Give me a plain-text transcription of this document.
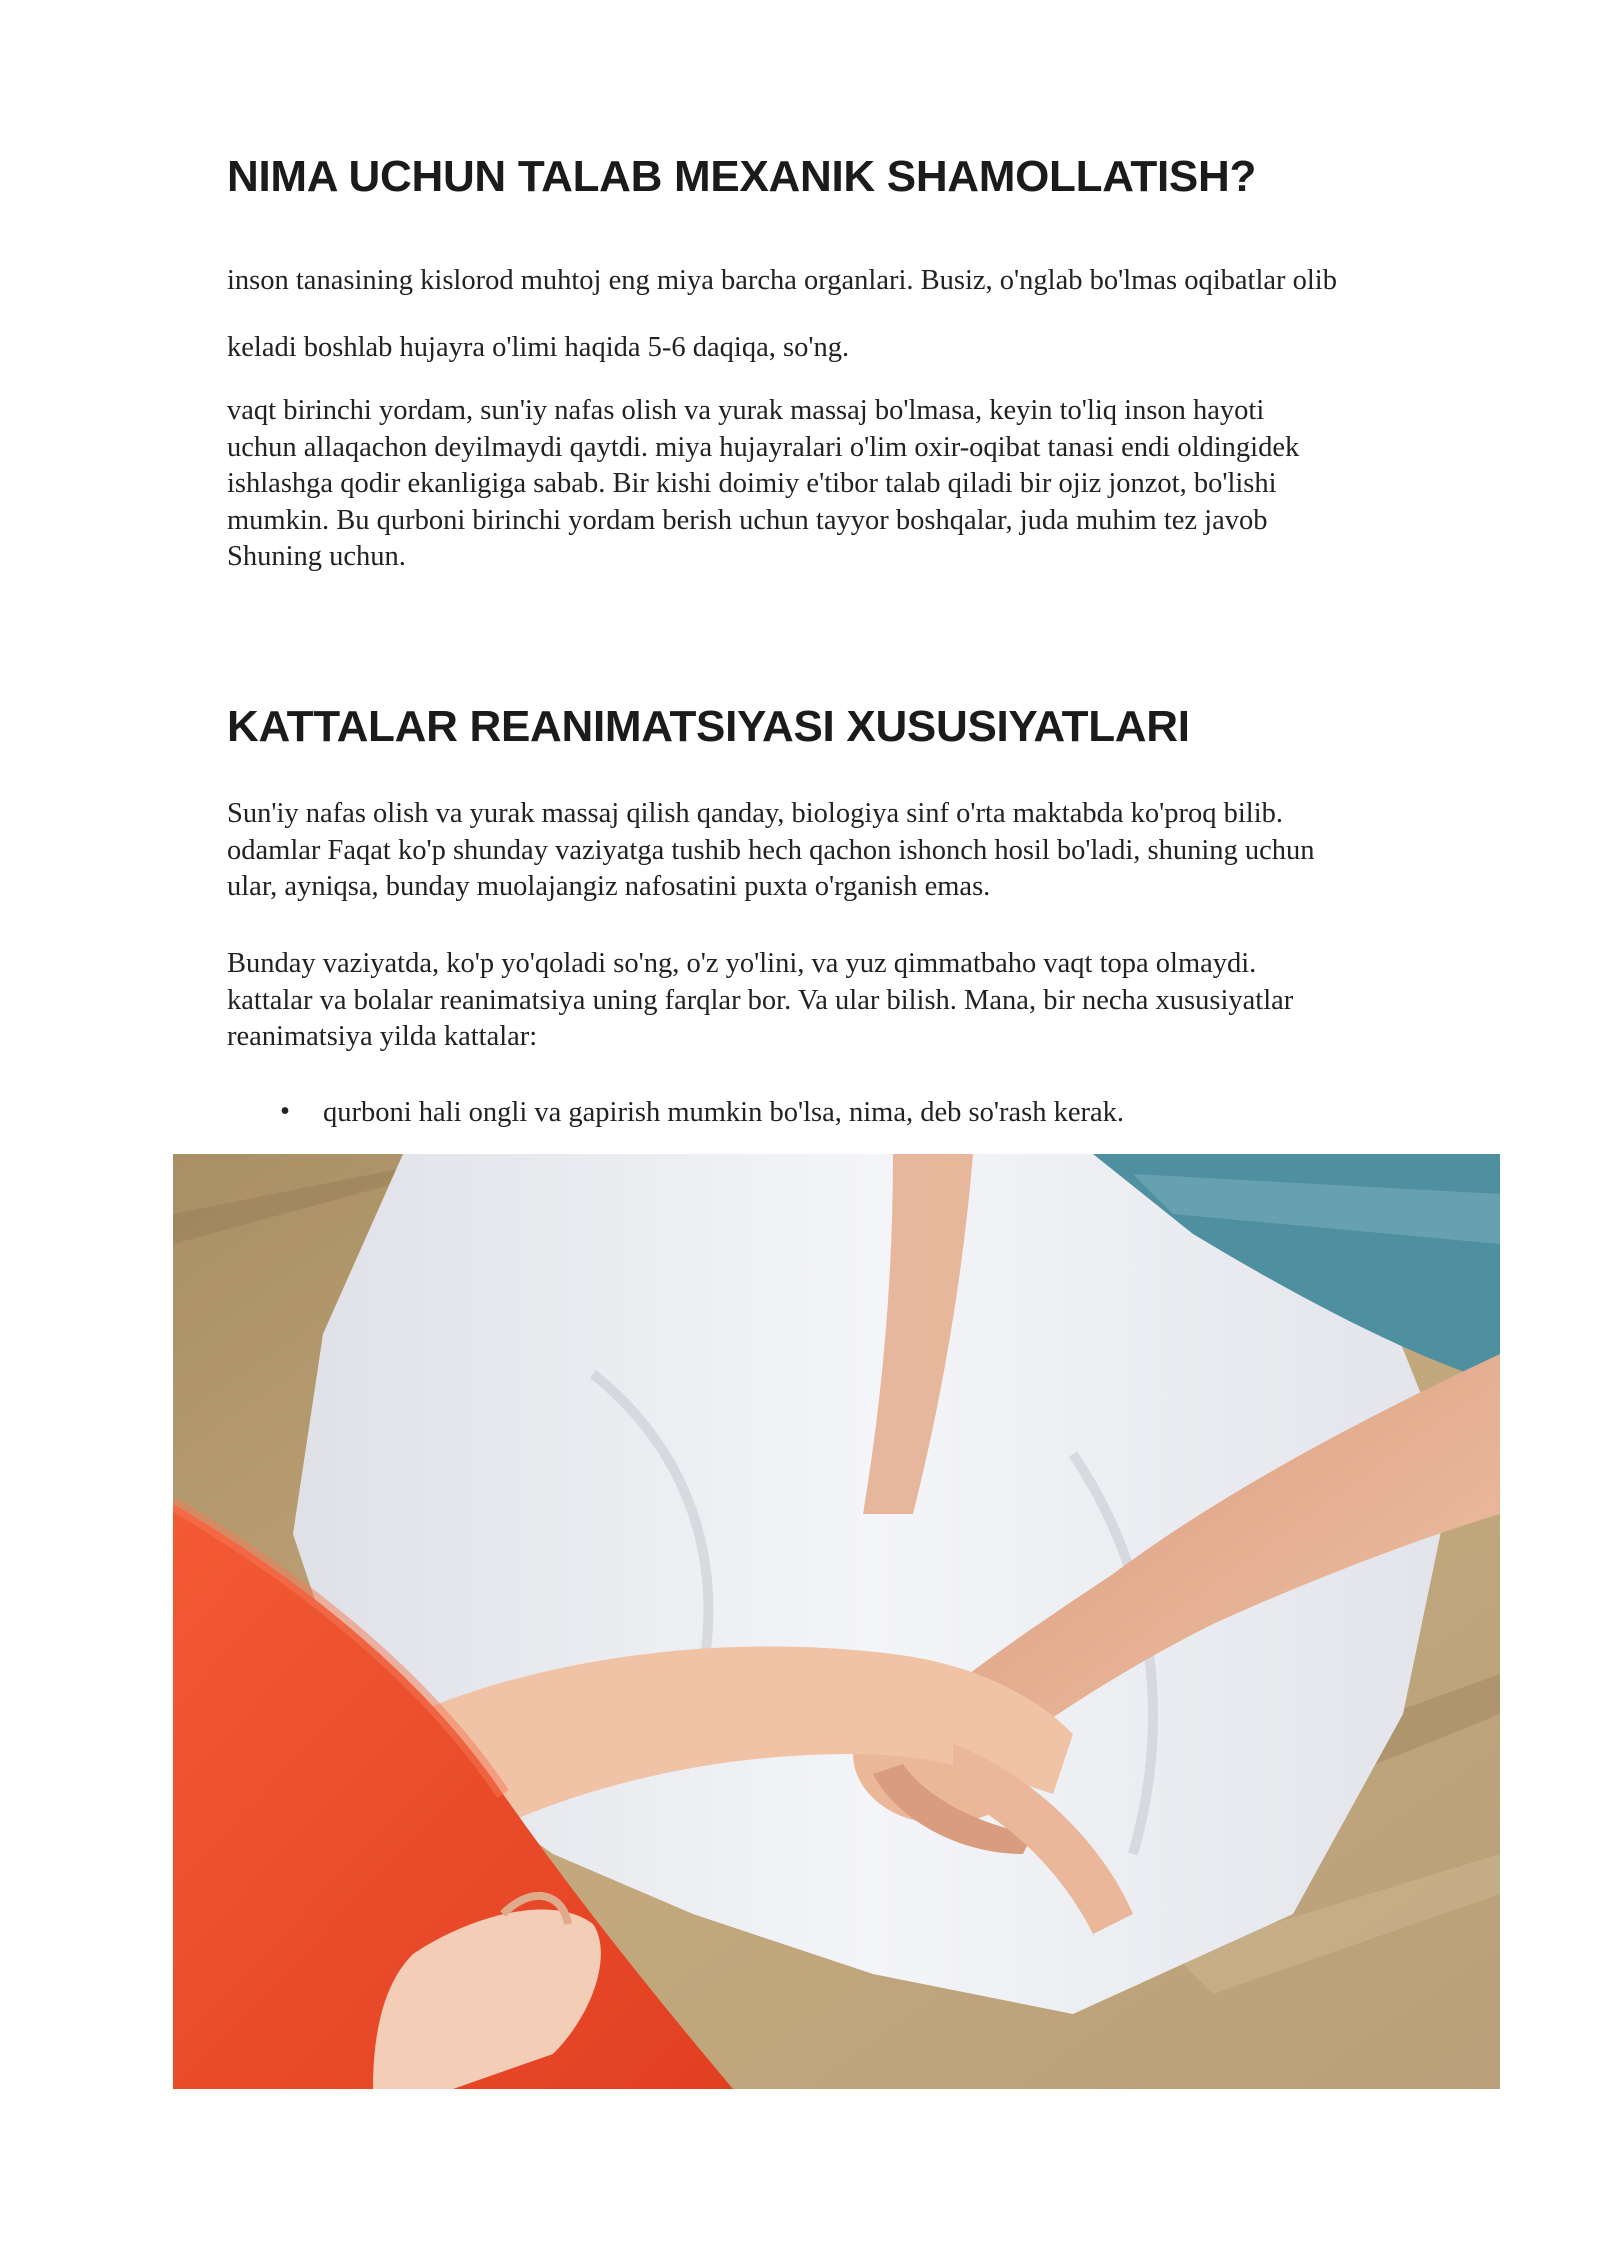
NIMA UCHUN TALAB MEXANIK SHAMOLLATISH?
inson tanasining kislorod muhtoj eng miya barcha organlari. Busiz, o'nglab bo'lmas oqibatlar olib
keladi boshlab hujayra o'limi haqida 5-6 daqiqa, so'ng.
vaqt birinchi yordam, sun'iy nafas olish va yurak massaj bo'lmasa, keyin to'liq inson hayoti
uchun allaqachon deyilmaydi qaytdi. miya hujayralari o'lim oxir-oqibat tanasi endi oldingidek
ishlashga qodir ekanligiga sabab. Bir kishi doimiy e'tibor talab qiladi bir ojiz jonzot, bo'lishi
mumkin. Bu qurboni birinchi yordam berish uchun tayyor boshqalar, juda muhim tez javob
Shuning uchun.
KATTALAR REANIMATSIYASI XUSUSIYATLARI
Sun'iy nafas olish va yurak massaj qilish qanday, biologiya sinf o'rta maktabda ko'proq bilib.
odamlar Faqat ko'p shunday vaziyatga tushib hech qachon ishonch hosil bo'ladi, shuning uchun
ular, ayniqsa, bunday muolajangiz nafosatini puxta o'rganish emas.
Bunday vaziyatda, ko'p yo'qoladi so'ng, o'z yo'lini, va yuz qimmatbaho vaqt topa olmaydi.
kattalar va bolalar reanimatsiya uning farqlar bor. Va ular bilish. Mana, bir necha xususiyatlar
reanimatsiya yilda kattalar:
• qurboni hali ongli va gapirish mumkin bo'lsa, nima, deb so'rash kerak.
